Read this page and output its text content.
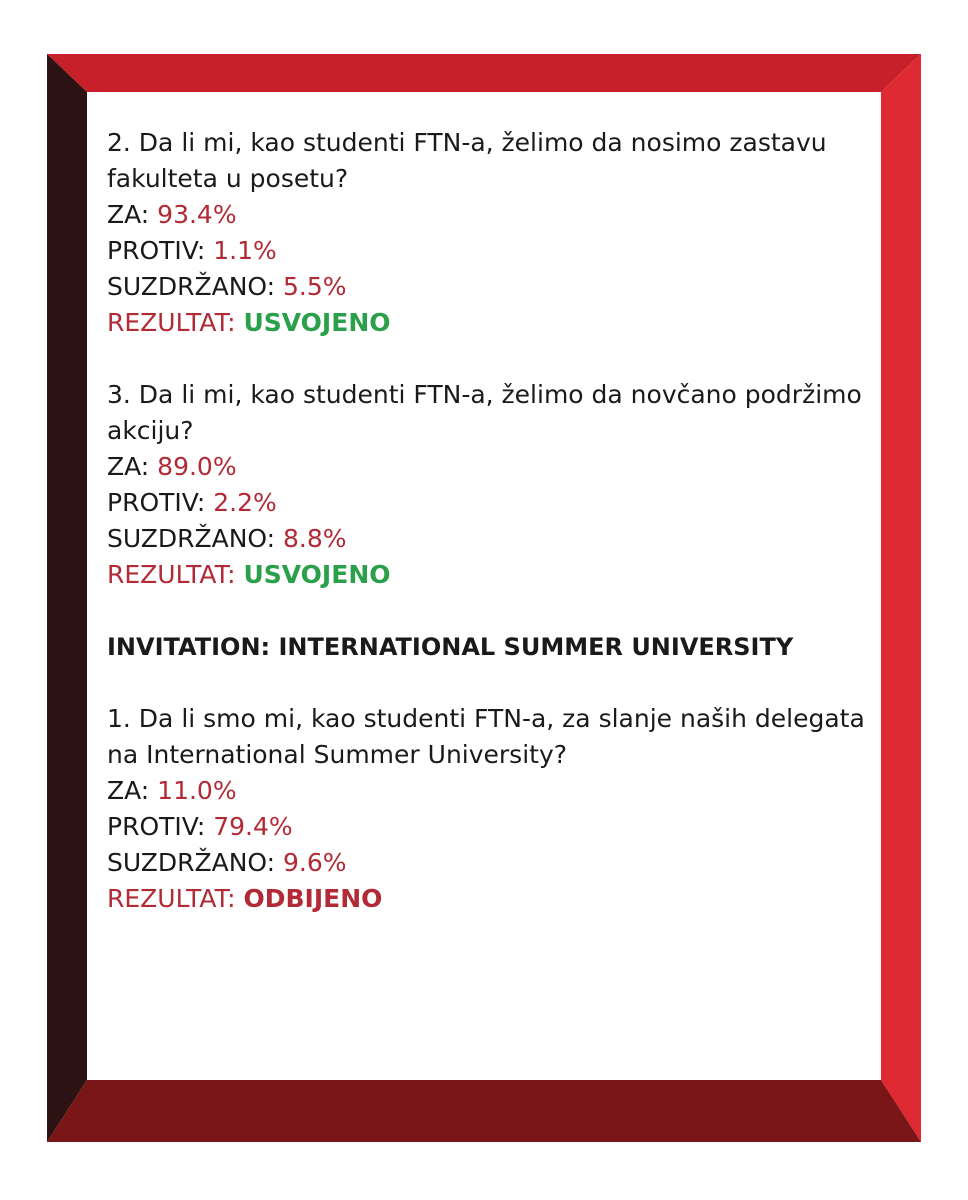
2. Da li mi, kao studenti FTN-a, želimo da nosimo zastavu fakulteta u posetu?
ZA: 93.4%
PROTIV: 1.1%
SUZDRŽANO: 5.5%
REZULTAT: USVOJENO
3. Da li mi, kao studenti FTN-a, želimo da novčano podržimo akciju?
ZA: 89.0%
PROTIV: 2.2%
SUZDRŽANO: 8.8%
REZULTAT: USVOJENO
INVITATION: INTERNATIONAL SUMMER UNIVERSITY
1. Da li smo mi, kao studenti FTN-a, za slanje naših delegata na International Summer University?
ZA: 11.0%
PROTIV: 79.4%
SUZDRŽANO: 9.6%
REZULTAT: ODBIJENO
